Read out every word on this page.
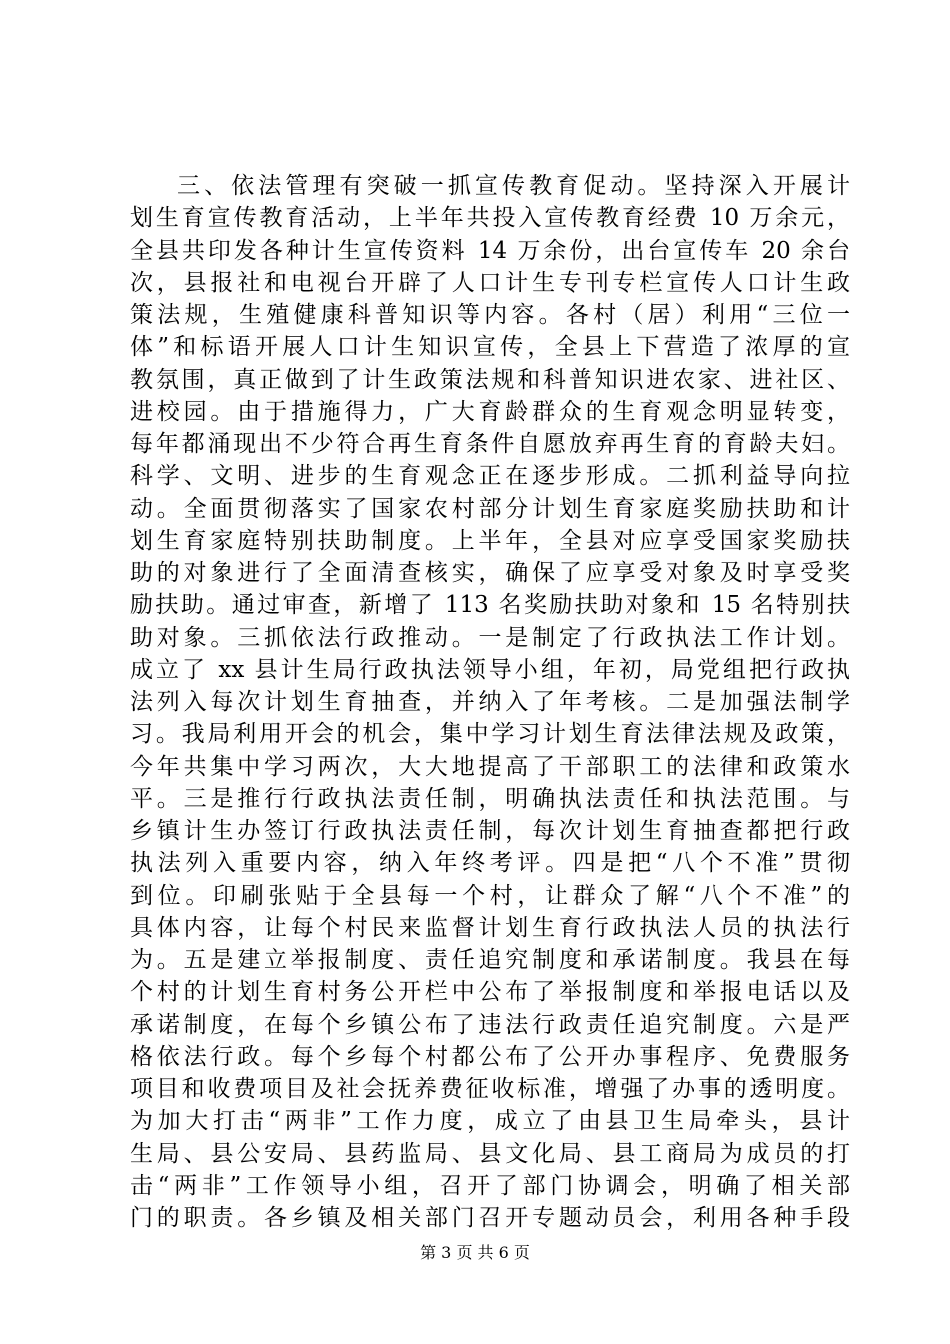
三、依法管理有突破一抓宣传教育促动。坚持深入开展计
划生育宣传教育活动，上半年共投入宣传教育经费 10 万余元，
全县共印发各种计生宣传资料 14 万余份，出台宣传车 20 余台
次，县报社和电视台开辟了人口计生专刊专栏宣传人口计生政
策法规，生殖健康科普知识等内容。各村（居）利用“三位一
体”和标语开展人口计生知识宣传，全县上下营造了浓厚的宣
教氛围，真正做到了计生政策法规和科普知识进农家、进社区、
进校园。由于措施得力，广大育龄群众的生育观念明显转变，
每年都涌现出不少符合再生育条件自愿放弃再生育的育龄夫妇。
科学、文明、进步的生育观念正在逐步形成。二抓利益导向拉
动。全面贯彻落实了国家农村部分计划生育家庭奖励扶助和计
划生育家庭特别扶助制度。上半年，全县对应享受国家奖励扶
助的对象进行了全面清查核实，确保了应享受对象及时享受奖
励扶助。通过审查，新增了 113 名奖励扶助对象和 15 名特别扶
助对象。三抓依法行政推动。一是制定了行政执法工作计划。
成立了 xx 县计生局行政执法领导小组，年初，局党组把行政执
法列入每次计划生育抽查，并纳入了年考核。二是加强法制学
习。我局利用开会的机会，集中学习计划生育法律法规及政策，
今年共集中学习两次，大大地提高了干部职工的法律和政策水
平。三是推行行政执法责任制，明确执法责任和执法范围。与
乡镇计生办签订行政执法责任制，每次计划生育抽查都把行政
执法列入重要内容，纳入年终考评。四是把“八个不准”贯彻
到位。印刷张贴于全县每一个村，让群众了解“八个不准”的
具体内容，让每个村民来监督计划生育行政执法人员的执法行
为。五是建立举报制度、责任追究制度和承诺制度。我县在每
个村的计划生育村务公开栏中公布了举报制度和举报电话以及
承诺制度，在每个乡镇公布了违法行政责任追究制度。六是严
格依法行政。每个乡每个村都公布了公开办事程序、免费服务
项目和收费项目及社会抚养费征收标准，增强了办事的透明度。
为加大打击“两非”工作力度，成立了由县卫生局牵头，县计
生局、县公安局、县药监局、县文化局、县工商局为成员的打
击“两非”工作领导小组，召开了部门协调会，明确了相关部
门的职责。各乡镇及相关部门召开专题动员会，利用各种手段
第 3 页 共 6 页
